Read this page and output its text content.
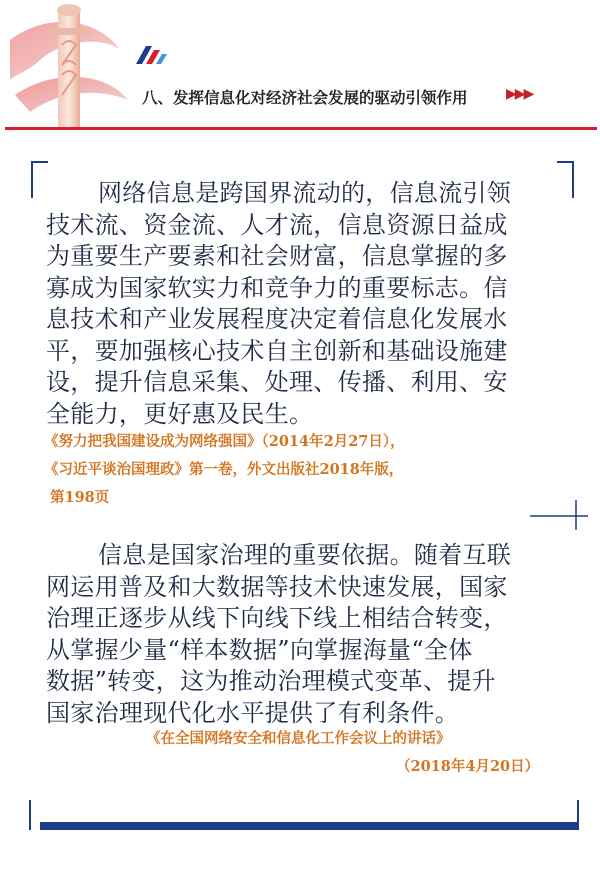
八、发挥信息化对经济社会发展的驱动引领作用	▶▶▶
网络信息是跨国界流动的，信息流引领
技术流、资金流、人才流，信息资源日益成
为重要生产要素和社会财富，信息掌握的多
寡成为国家软实力和竞争力的重要标志。信
息技术和产业发展程度决定着信息化发展水
平，要加强核心技术自主创新和基础设施建
设，提升信息采集、处理、传播、利用、安
全能力，更好惠及民生。
《努力把我国建设成为网络强国》（2014年2月27日），
《习近平谈治国理政》第一卷，外文出版社2018年版，
第198页
信息是国家治理的重要依据。随着互联
网运用普及和大数据等技术快速发展，国家
治理正逐步从线下向线下线上相结合转变，
从掌握少量“样本数据”向掌握海量“全体
数据”转变，这为推动治理模式变革、提升
国家治理现代化水平提供了有利条件。
《在全国网络安全和信息化工作会议上的讲话》
（2018年4月20日）
